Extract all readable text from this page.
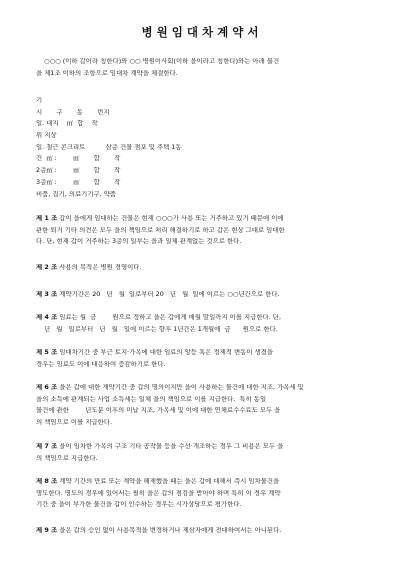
병 원 임 대 차 계 약 서
○○○ (이하 갑이라 칭한다)와 ○○ 병원이사회(이하 을이라고 칭한다)와는 아래 물건
을 제1조 이하의 조항으로 임대차 계약을 체결한다.
기
시       구       동       번지
일. 대지    ㎡  합    작
위 지상
일. 철근 콘크리트          삼층 건물 점포 및 주택 1동
건  ㎡ :        ㎡       합       작
2층㎡ :        ㎡       합       작
3층㎡ :        ㎡       합       작
비품, 집기, 의료기기구, 약품
제 1 조 갑이 을에게 임대하는 건물은 현재 ○○○가 사용 또는 거주하고 있기 때문에 이에
관한 퇴거 기타 의견은 모두 을의 책임으로 처리 해결하기로 하고 갑은 현상 그대로 임대한
다. 단, 현재 갑이 거주하는 3층의 일부는 을과 일체 관계없는 것으로 한다.
제 2 조 사용의 목적은 병원 경영이다.
제 3 조 계약기간은 20   년   월  일로부터 20   년   월  일에 이르는 ○○년간으로 한다.
제 4 조 임료는 월  금        원으로 정하고 을은 갑에게 매월 말일까지 이를 지급한다. 단,
년   월   일로부터   년   월   일에 이르는 향후 1년간은 1개월에  금      원으로 한다.
제 5 조 임대차기간 중 부근 토지·가옥에 대한 임료의 앙등 혹은 경제적 변동이 생겼을
경우는 임료도 이에 대응하여 증감하기로 한다.
제 6 조 을은 갑에 대한 계약기간 중 갑의 명의이지만 을이 사용하는 물건에 대한 지조, 가옥세 및
을의 소득에 관계되는 사업 소득세는 일체 을의 책임으로 이를 지급한다.  특히 동일
물건에 관한        년도분 이후의 미납 지조, 가옥세 및 이에 대한 연체료수수료도 모두 을
의 책임으로 이를 지급한다.
제 7 조 을이 임차한 가옥의 구조 기타 공작물 등을 수선·개조하는 경우 그 비용은 모두 을
의 책임으로 지급한다.
제 8 조 계약 기간의 만료 또는 계약을 해제했을 때는 을은 갑에 대해서 즉시 임차물건을
명도한다. 명도의 경우에 있어서는 필히 을은 갑의 점검을 받아야 하며 특히 이 경우 계약
기간 중 을이 부가한 물건을 갑이 인수하는 경우는 시가상당으로 평가한다.
제 9 조 을은 갑의 승인 없이 사용목적을 변경하거나 제삼자에게 전대하여서는 아니된다.
